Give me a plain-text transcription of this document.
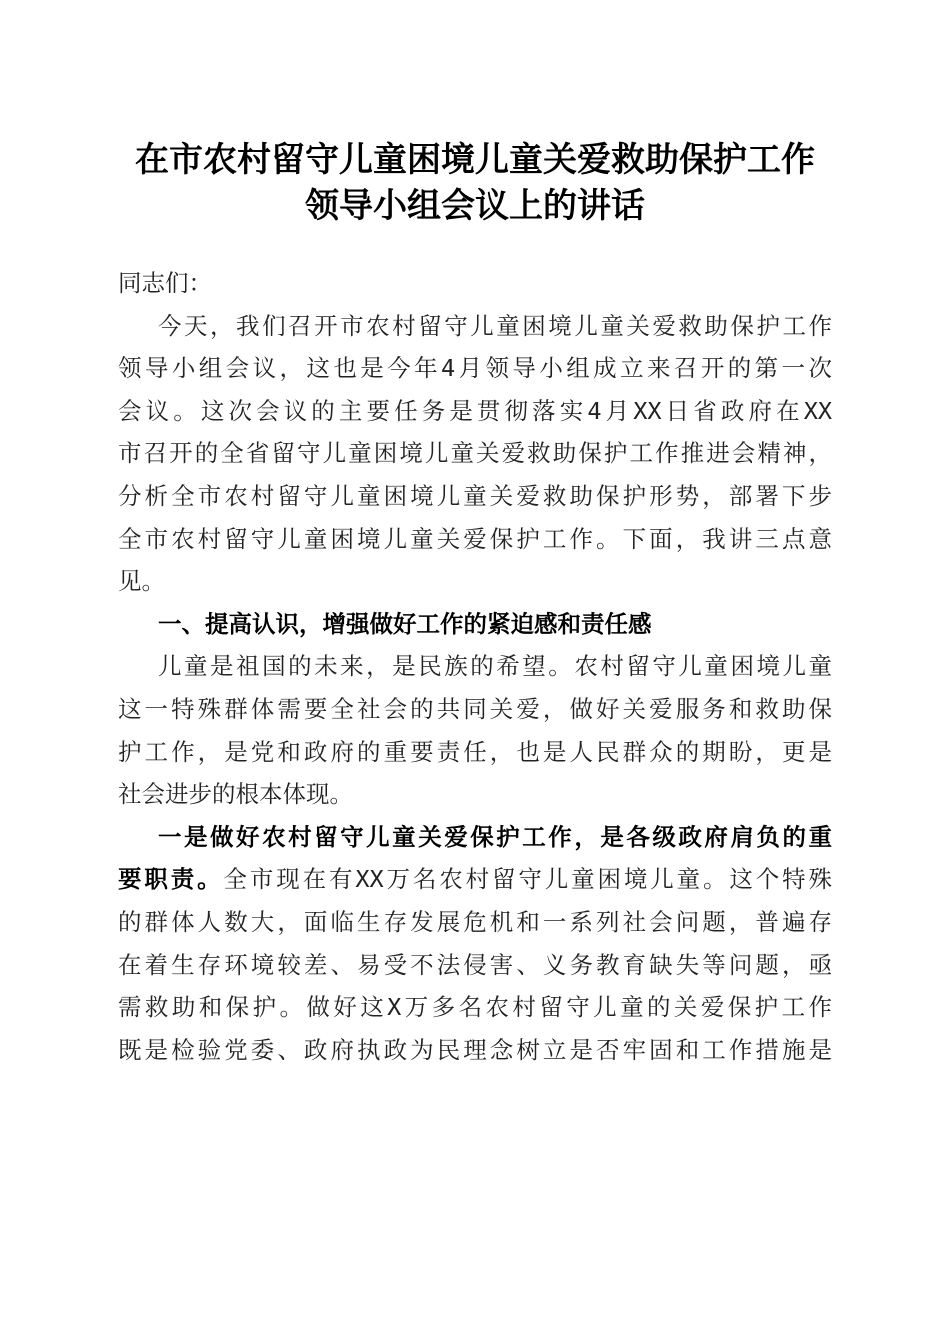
在市农村留守儿童困境儿童关爱救助保护工作
领导小组会议上的讲话
同志们：
今天，我们召开市农村留守儿童困境儿童关爱救助保护工作
领导小组会议，这也是今年4月领导小组成立来召开的第一次
会议。这次会议的主要任务是贯彻落实4月XX日省政府在XX
市召开的全省留守儿童困境儿童关爱救助保护工作推进会精神，
分析全市农村留守儿童困境儿童关爱救助保护形势，部署下步
全市农村留守儿童困境儿童关爱保护工作。下面，我讲三点意
见。
一、提高认识，增强做好工作的紧迫感和责任感
儿童是祖国的未来，是民族的希望。农村留守儿童困境儿童
这一特殊群体需要全社会的共同关爱，做好关爱服务和救助保
护工作，是党和政府的重要责任，也是人民群众的期盼，更是
社会进步的根本体现。
一是做好农村留守儿童关爱保护工作，是各级政府肩负的重
要职责。全市现在有XX万名农村留守儿童困境儿童。这个特殊
的群体人数大，面临生存发展危机和一系列社会问题，普遍存
在着生存环境较差、易受不法侵害、义务教育缺失等问题，亟
需救助和保护。做好这X万多名农村留守儿童的关爱保护工作
既是检验党委、政府执政为民理念树立是否牢固和工作措施是
